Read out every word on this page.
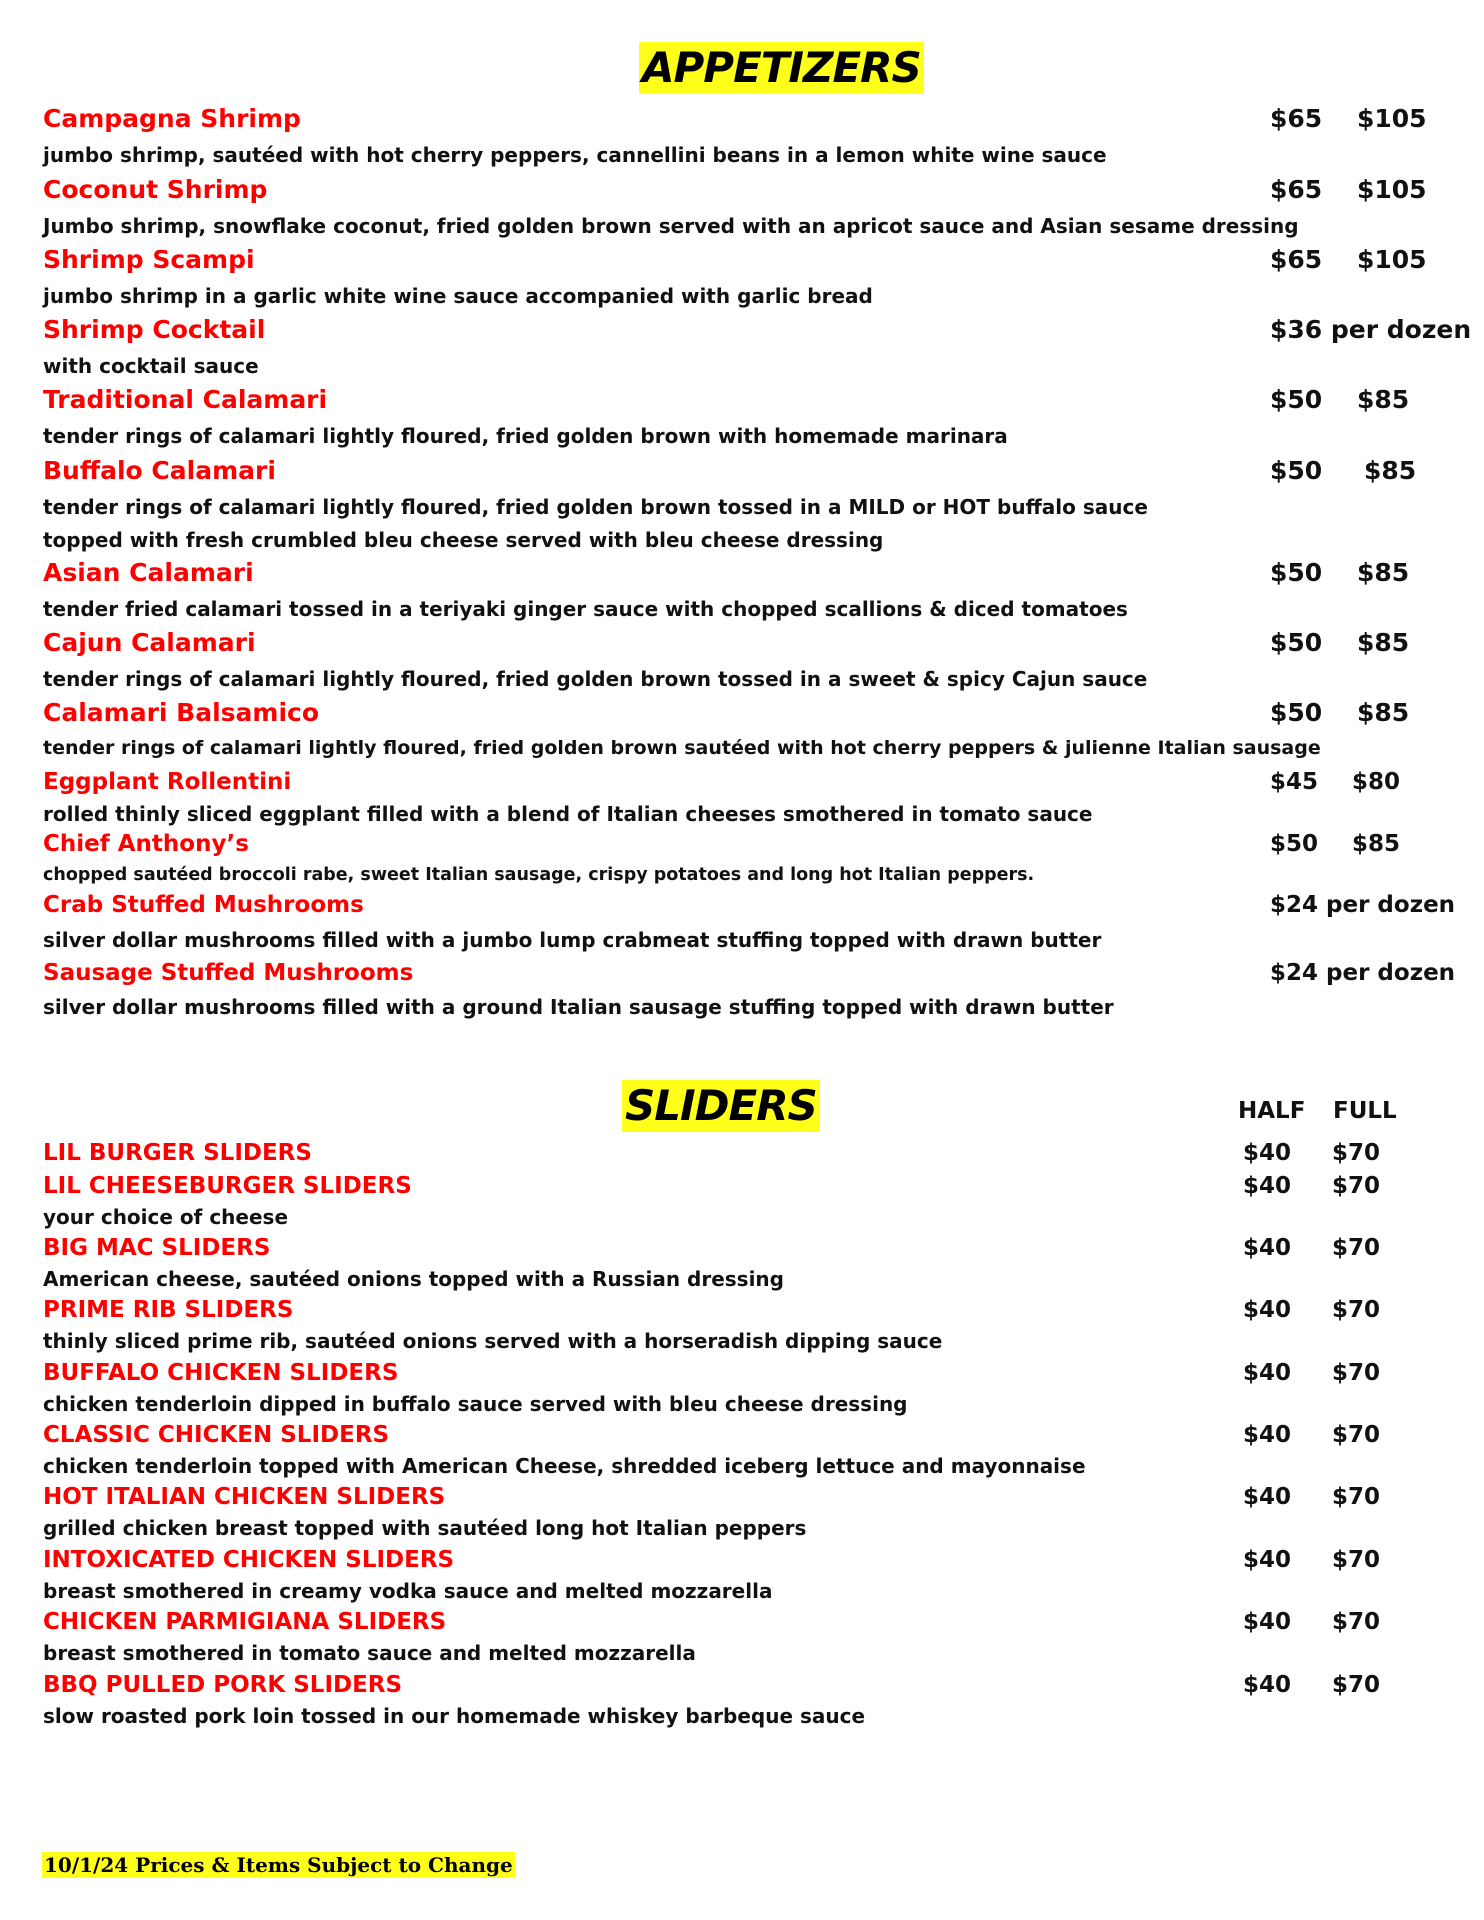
APPETIZERS
Campagna Shrimp	$65 $105
jumbo shrimp, sautéed with hot cherry peppers, cannellini beans in a lemon white wine sauce
Coconut Shrimp	$65 $105
Jumbo shrimp, snowflake coconut, fried golden brown served with an apricot sauce and Asian sesame dressing
Shrimp Scampi	$65 $105
jumbo shrimp in a garlic white wine sauce accompanied with garlic bread
Shrimp Cocktail	$36 per dozen
with cocktail sauce
Traditional Calamari	$50 $85
tender rings of calamari lightly floured, fried golden brown with homemade marinara
Buffalo Calamari	$50 $85
tender rings of calamari lightly floured, fried golden brown tossed in a MILD or HOT buffalo sauce
topped with fresh crumbled bleu cheese served with bleu cheese dressing
Asian Calamari	$50 $85
tender fried calamari tossed in a teriyaki ginger sauce with chopped scallions & diced tomatoes
Cajun Calamari	$50 $85
tender rings of calamari lightly floured, fried golden brown tossed in a sweet & spicy Cajun sauce
Calamari Balsamico	$50 $85
tender rings of calamari lightly floured, fried golden brown sautéed with hot cherry peppers & julienne Italian sausage
Eggplant Rollentini	$45 $80
rolled thinly sliced eggplant filled with a blend of Italian cheeses smothered in tomato sauce
Chief Anthony’s	$50 $85
chopped sautéed broccoli rabe, sweet Italian sausage, crispy potatoes and long hot Italian peppers.
Crab Stuffed Mushrooms	$24 per dozen
silver dollar mushrooms filled with a jumbo lump crabmeat stuffing topped with drawn butter
Sausage Stuffed Mushrooms	$24 per dozen
silver dollar mushrooms filled with a ground Italian sausage stuffing topped with drawn butter
SLIDERS	HALF FULL
LIL BURGER SLIDERS	$40 $70
LIL CHEESEBURGER SLIDERS	$40 $70
your choice of cheese
BIG MAC SLIDERS	$40 $70
American cheese, sautéed onions topped with a Russian dressing
PRIME RIB SLIDERS	$40 $70
thinly sliced prime rib, sautéed onions served with a horseradish dipping sauce
BUFFALO CHICKEN SLIDERS	$40 $70
chicken tenderloin dipped in buffalo sauce served with bleu cheese dressing
CLASSIC CHICKEN SLIDERS	$40 $70
chicken tenderloin topped with American Cheese, shredded iceberg lettuce and mayonnaise
HOT ITALIAN CHICKEN SLIDERS	$40 $70
grilled chicken breast topped with sautéed long hot Italian peppers
INTOXICATED CHICKEN SLIDERS	$40 $70
breast smothered in creamy vodka sauce and melted mozzarella
CHICKEN PARMIGIANA SLIDERS	$40 $70
breast smothered in tomato sauce and melted mozzarella
BBQ PULLED PORK SLIDERS	$40 $70
slow roasted pork loin tossed in our homemade whiskey barbeque sauce
10/1/24 Prices & Items Subject to Change
